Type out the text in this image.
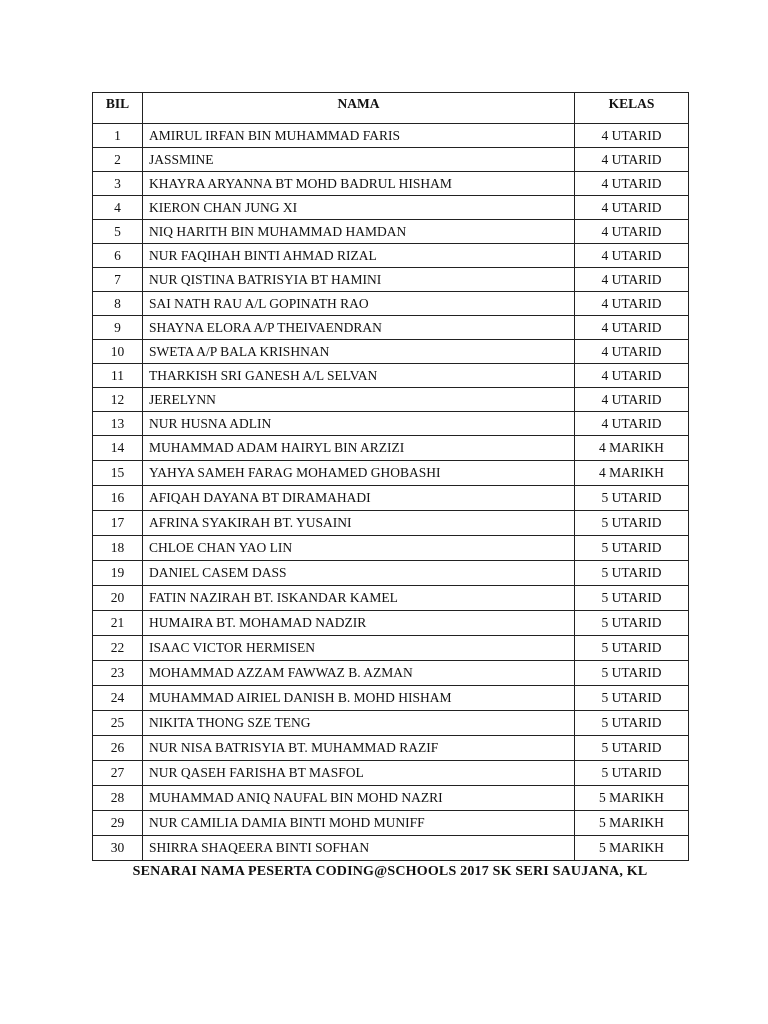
BIL	NAMA	KELAS
1	AMIRUL IRFAN BIN MUHAMMAD FARIS	4 UTARID
2	JASSMINE	4 UTARID
3	KHAYRA ARYANNA BT MOHD BADRUL HISHAM	4 UTARID
4	KIERON CHAN JUNG XI	4 UTARID
5	NIQ HARITH BIN MUHAMMAD HAMDAN	4 UTARID
6	NUR FAQIHAH BINTI AHMAD RIZAL	4 UTARID
7	NUR QISTINA BATRISYIA BT HAMINI	4 UTARID
8	SAI NATH RAU A/L GOPINATH RAO	4 UTARID
9	SHAYNA ELORA A/P THEIVAENDRAN	4 UTARID
10	SWETA A/P BALA KRISHNAN	4 UTARID
11	THARKISH SRI GANESH A/L SELVAN	4 UTARID
12	JERELYNN	4 UTARID
13	NUR HUSNA ADLIN	4 UTARID
14	MUHAMMAD ADAM HAIRYL BIN ARZIZI	4 MARIKH
15	YAHYA SAMEH FARAG MOHAMED GHOBASHI	4 MARIKH
16	AFIQAH DAYANA BT DIRAMAHADI	5 UTARID
17	AFRINA SYAKIRAH BT. YUSAINI	5 UTARID
18	CHLOE CHAN YAO LIN	5 UTARID
19	DANIEL CASEM DASS	5 UTARID
20	FATIN NAZIRAH BT. ISKANDAR KAMEL	5 UTARID
21	HUMAIRA BT. MOHAMAD NADZIR	5 UTARID
22	ISAAC VICTOR HERMISEN	5 UTARID
23	MOHAMMAD AZZAM FAWWAZ B. AZMAN	5 UTARID
24	MUHAMMAD AIRIEL DANISH B. MOHD HISHAM	5 UTARID
25	NIKITA THONG SZE TENG	5 UTARID
26	NUR NISA BATRISYIA BT. MUHAMMAD RAZIF	5 UTARID
27	NUR QASEH FARISHA BT MASFOL	5 UTARID
28	MUHAMMAD ANIQ NAUFAL BIN MOHD NAZRI	5 MARIKH
29	NUR CAMILIA DAMIA BINTI MOHD MUNIFF	5 MARIKH
30	SHIRRA SHAQEERA BINTI SOFHAN	5 MARIKH
SENARAI NAMA PESERTA CODING@SCHOOLS 2017 SK SERI SAUJANA, KL
